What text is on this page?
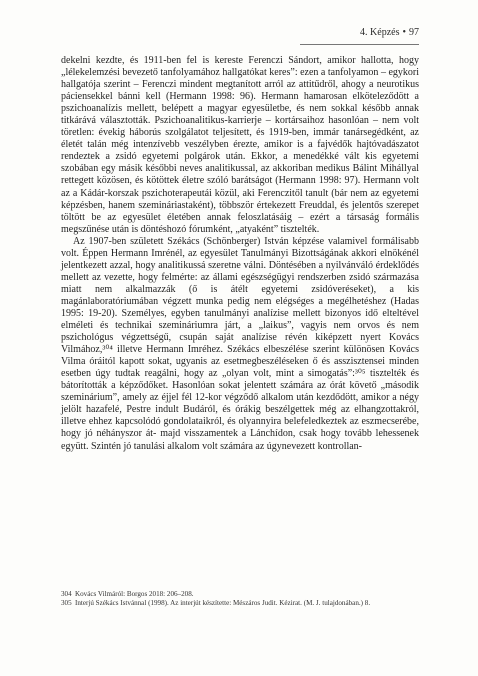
4. Képzés • 97

dekelni kezdte, és 1911-ben fel is kereste Ferenczi Sándort, amikor hallotta, hogy „lélekelemzési bevezető tanfolyamához hallgatókat keres”: ezen a tanfolyamon – egykori hallgatója szerint – Ferenczi mindent megtanított arról az attitűdről, ahogy a neurotikus páciensekkel bánni kell (Hermann 1998: 96). Hermann hamarosan elköteleződött a pszichoanalízis mellett, belépett a magyar egyesületbe, és nem sokkal később annak titkárává választották. Pszichoanalitikus-karrierje – kortársaihoz hasonlóan – nem volt töretlen: évekig háborús szolgálatot teljesített, és 1919-ben, immár tanársegédként, az életét talán még intenzívebb veszélyben érezte, amikor is a fajvédők hajtóvadászatot rendeztek a zsidó egyetemi polgárok után. Ekkor, a menedékké vált kis egyetemi szobában egy másik későbbi neves analitikussal, az akkoriban medikus Bálint Mihállyal rettegett közösen, és kötöttek életre szóló barátságot (Hermann 1998: 97). Hermann volt az a Kádár-korszak pszichoterapeutái közül, aki Ferenczitől tanult (bár nem az egyetemi képzésben, hanem szemináriastaként), többször értekezett Freuddal, és jelentős szerepet töltött be az egyesület életében annak feloszlatásáig – ezért a társaság formális megszűnése után is döntéshozó fórumként, „atyaként” tisztelték.

Az 1907-ben született Székács (Schönberger) István képzése valamivel formálisabb volt. Éppen Hermann Imrénél, az egyesület Tanulmányi Bizottságának akkori elnökénél jelentkezett azzal, hogy analitikussá szeretne válni. Döntésében a nyilvánváló érdeklődés mellett az vezette, hogy felmérte: az állami egészségügyi rendszerben zsidó származása miatt nem alkalmazzák (ő is átélt egyetemi zsidóveréseket), a kis magánlaboratóriumában végzett munka pedig nem elégséges a megélhetéshez (Hadas 1995: 19-20). Személyes, egyben tanulmányi analízise mellett bizonyos idő elteltével elméleti és technikai szemináriumra járt, a „laikus”, vagyis nem orvos és nem pszichológus végzettségű, csupán saját analízise révén kiképzett nyert Kovács Vilmához,³⁰⁴ illetve Hermann Imréhez. Székács elbeszélése szerint különösen Kovács Vilma óráitól kapott sokat, ugyanis az esetmegbeszéléseken ő és asszisztensei minden esetben úgy tudtak reagálni, hogy az „olyan volt, mint a simogatás”:³⁰⁵ tisztelték és bátorították a képződőket. Hasonlóan sokat jelentett számára az órát követő „második szeminárium”, amely az éjjel fél 12-kor végződő alkalom után kezdődött, amikor a négy jelölt hazafelé, Pestre indult Budáról, és órákig beszélgettek még az elhangzottakról, illetve ehhez kapcsolódó gondolataikról, és olyannyira belefeledkeztek az eszmecserébe, hogy jó néhányszor át- majd visszamentek a Lánchídon, csak hogy tovább lehessenek együtt. Szintén jó tanulási alkalom volt számára az úgynevezett kontrollan-

304 Kovács Vilmáról: Borgos 2018: 206–208.
305 Interjú Székács Istvánnal (1998). Az interjút készítette: Mészáros Judit. Kézirat. (M. J. tulajdonában.) 8.
